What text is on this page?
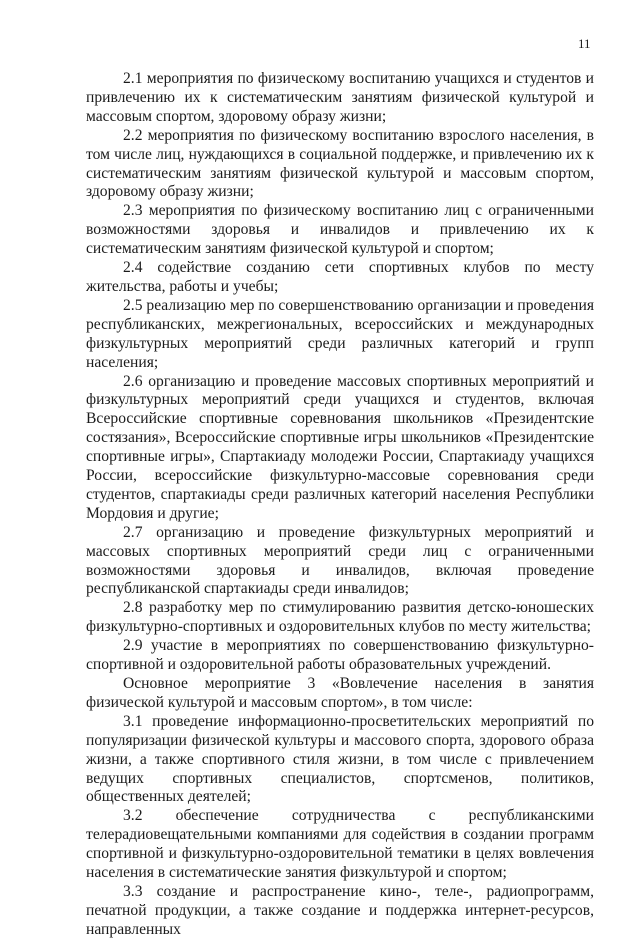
11

2.1 мероприятия по физическому воспитанию учащихся и студентов и привлечению их к систематическим занятиям физической культурой и массовым спортом, здоровому образу жизни;

2.2 мероприятия по физическому воспитанию взрослого населения, в том числе лиц, нуждающихся в социальной поддержке, и привлечению их к систематическим занятиям физической культурой и массовым спортом, здоровому образу жизни;

2.3 мероприятия по физическому воспитанию лиц с ограниченными возможностями здоровья и инвалидов и привлечению их к систематическим занятиям физической культурой и спортом;

2.4 содействие созданию сети спортивных клубов по месту жительства, работы и учебы;

2.5 реализацию мер по совершенствованию организации и проведения республиканских, межрегиональных, всероссийских и международных физкультурных мероприятий среди различных категорий и групп населения;

2.6 организацию и проведение массовых спортивных мероприятий и физкультурных мероприятий среди учащихся и студентов, включая Всероссийские спортивные соревнования школьников «Президентские состязания», Всероссийские спортивные игры школьников «Президентские спортивные игры», Спартакиаду молодежи России, Спартакиаду учащихся России, всероссийские физкультурно-массовые соревнования среди студентов, спартакиады среди различных категорий населения Республики Мордовия и другие;

2.7 организацию и проведение физкультурных мероприятий и массовых спортивных мероприятий среди лиц с ограниченными возможностями здоровья и инвалидов, включая проведение республиканской спартакиады среди инвалидов;

2.8 разработку мер по стимулированию развития детско-юношеских физкультурно-спортивных и оздоровительных клубов по месту жительства;

2.9 участие в мероприятиях по совершенствованию физкультурно-спортивной и оздоровительной работы образовательных учреждений.

Основное мероприятие 3 «Вовлечение населения в занятия физической культурой и массовым спортом», в том числе:

3.1 проведение информационно-просветительских мероприятий по популяризации физической культуры и массового спорта, здорового образа жизни, а также спортивного стиля жизни, в том числе с привлечением ведущих спортивных специалистов, спортсменов, политиков, общественных деятелей;

3.2 обеспечение сотрудничества с республиканскими телерадиовещательными компаниями для содействия в создании программ спортивной и физкультурно-оздоровительной тематики в целях вовлечения населения в систематические занятия физкультурой и спортом;

3.3 создание и распространение кино-, теле-, радиопрограмм, печатной продукции, а также создание и поддержка интернет-ресурсов, направленных
